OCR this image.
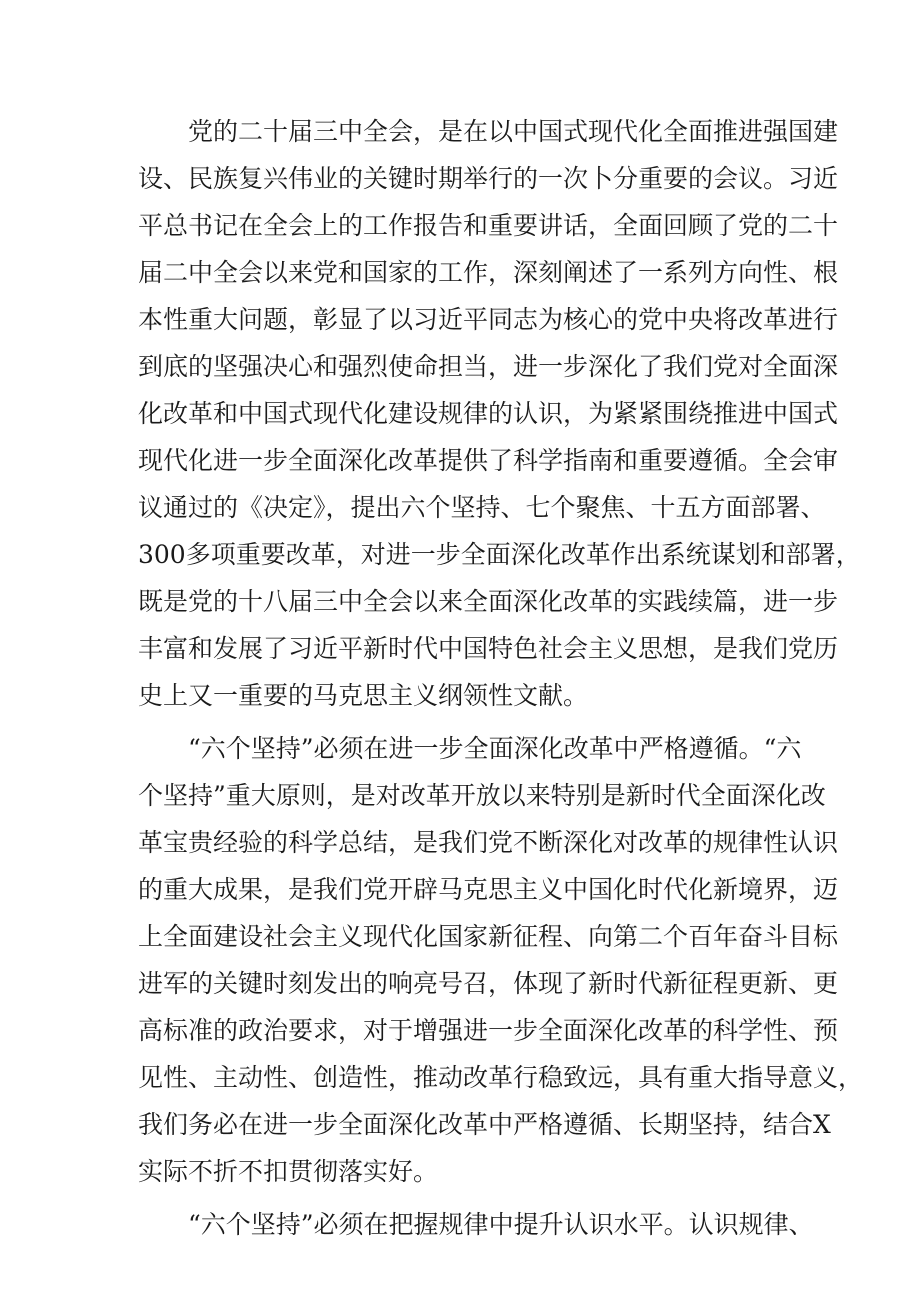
党的二十届三中全会，是在以中国式现代化全面推进强国建
设、民族复兴伟业的关键时期举行的一次卜分重要的会议。习近
平总书记在全会上的工作报告和重要讲话，全面回顾了党的二十
届二中全会以来党和国家的工作，深刻阐述了一系列方向性、根
本性重大问题，彰显了以习近平同志为核心的党中央将改革进行
到底的坚强决心和强烈使命担当，进一步深化了我们党对全面深
化改革和中国式现代化建设规律的认识，为紧紧围绕推进中国式
现代化进一步全面深化改革提供了科学指南和重要遵循。全会审
议通过的《决定》，提出六个坚持、七个聚焦、十五方面部署、
300多项重要改革，对进一步全面深化改革作出系统谋划和部署，
既是党的十八届三中全会以来全面深化改革的实践续篇，进一步
丰富和发展了习近平新时代中国特色社会主义思想，是我们党历
史上又一重要的马克思主义纲领性文献。
“六个坚持”必须在进一步全面深化改革中严格遵循。“六
个坚持”重大原则，是对改革开放以来特别是新时代全面深化改
革宝贵经验的科学总结，是我们党不断深化对改革的规律性认识
的重大成果，是我们党开辟马克思主义中国化时代化新境界，迈
上全面建设社会主义现代化国家新征程、向第二个百年奋斗目标
进军的关键时刻发出的响亮号召，体现了新时代新征程更新、更
高标准的政治要求，对于增强进一步全面深化改革的科学性、预
见性、主动性、创造性，推动改革行稳致远，具有重大指导意义，
我们务必在进一步全面深化改革中严格遵循、长期坚持，结合X
实际不折不扣贯彻落实好。
“六个坚持”必须在把握规律中提升认识水平。认识规律、
